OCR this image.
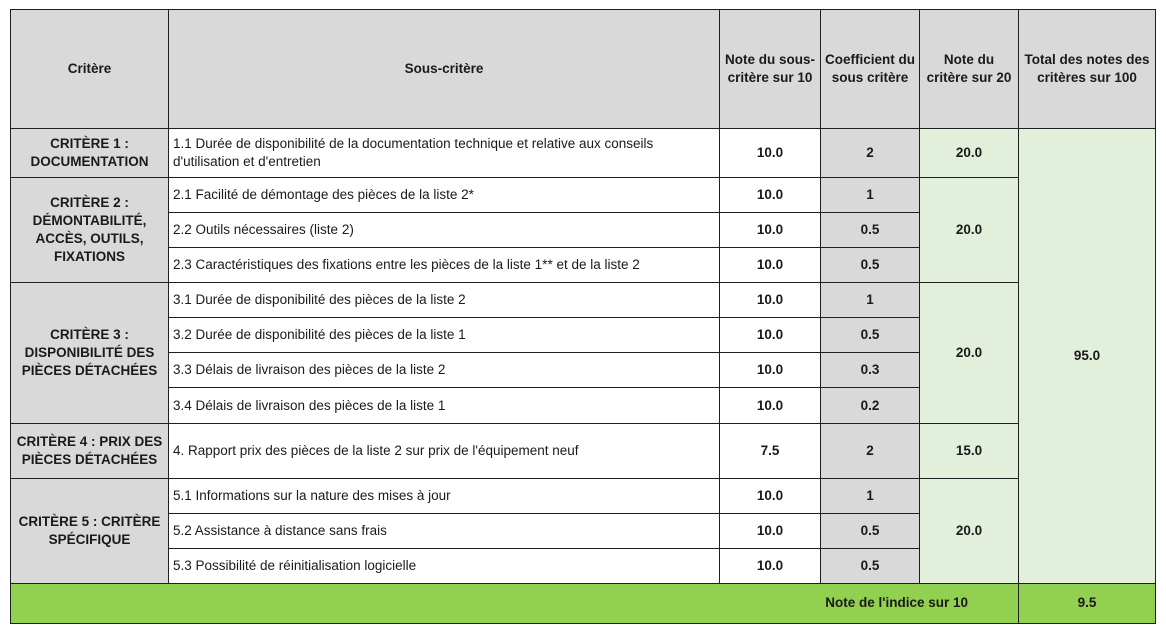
Critère	Sous-critère	Note du sous-critère sur 10	Coefficient du sous critère	Note du critère sur 20	Total des notes des critères sur 100
CRITÈRE 1 : DOCUMENTATION	1.1 Durée de disponibilité de la documentation technique et relative aux conseils d'utilisation et d'entretien	10.0	2	20.0	95.0
CRITÈRE 2 : DÉMONTABILITÉ, ACCÈS, OUTILS, FIXATIONS	2.1 Facilité de démontage des pièces de la liste 2*	10.0	1	20.0	
	2.2 Outils nécessaires (liste 2)	10.0	0.5		
	2.3 Caractéristiques des fixations entre les pièces de la liste 1** et de la liste 2	10.0	0.5		
CRITÈRE 3 : DISPONIBILITÉ DES PIÈCES DÉTACHÉES	3.1 Durée de disponibilité des pièces de la liste 2	10.0	1	20.0	
	3.2 Durée de disponibilité des pièces de la liste 1	10.0	0.5		
	3.3 Délais de livraison des pièces de la liste 2	10.0	0.3		
	3.4 Délais de livraison des pièces de la liste 1	10.0	0.2		
CRITÈRE 4 : PRIX DES PIÈCES DÉTACHÉES	4. Rapport prix des pièces de la liste 2 sur prix de l'équipement neuf	7.5	2	15.0	
CRITÈRE 5 : CRITÈRE SPÉCIFIQUE	5.1 Informations sur la nature des mises à jour	10.0	1	20.0	
	5.2 Assistance à distance sans frais	10.0	0.5		
	5.3 Possibilité de réinitialisation logicielle	10.0	0.5		
Note de l'indice sur 10					9.5
